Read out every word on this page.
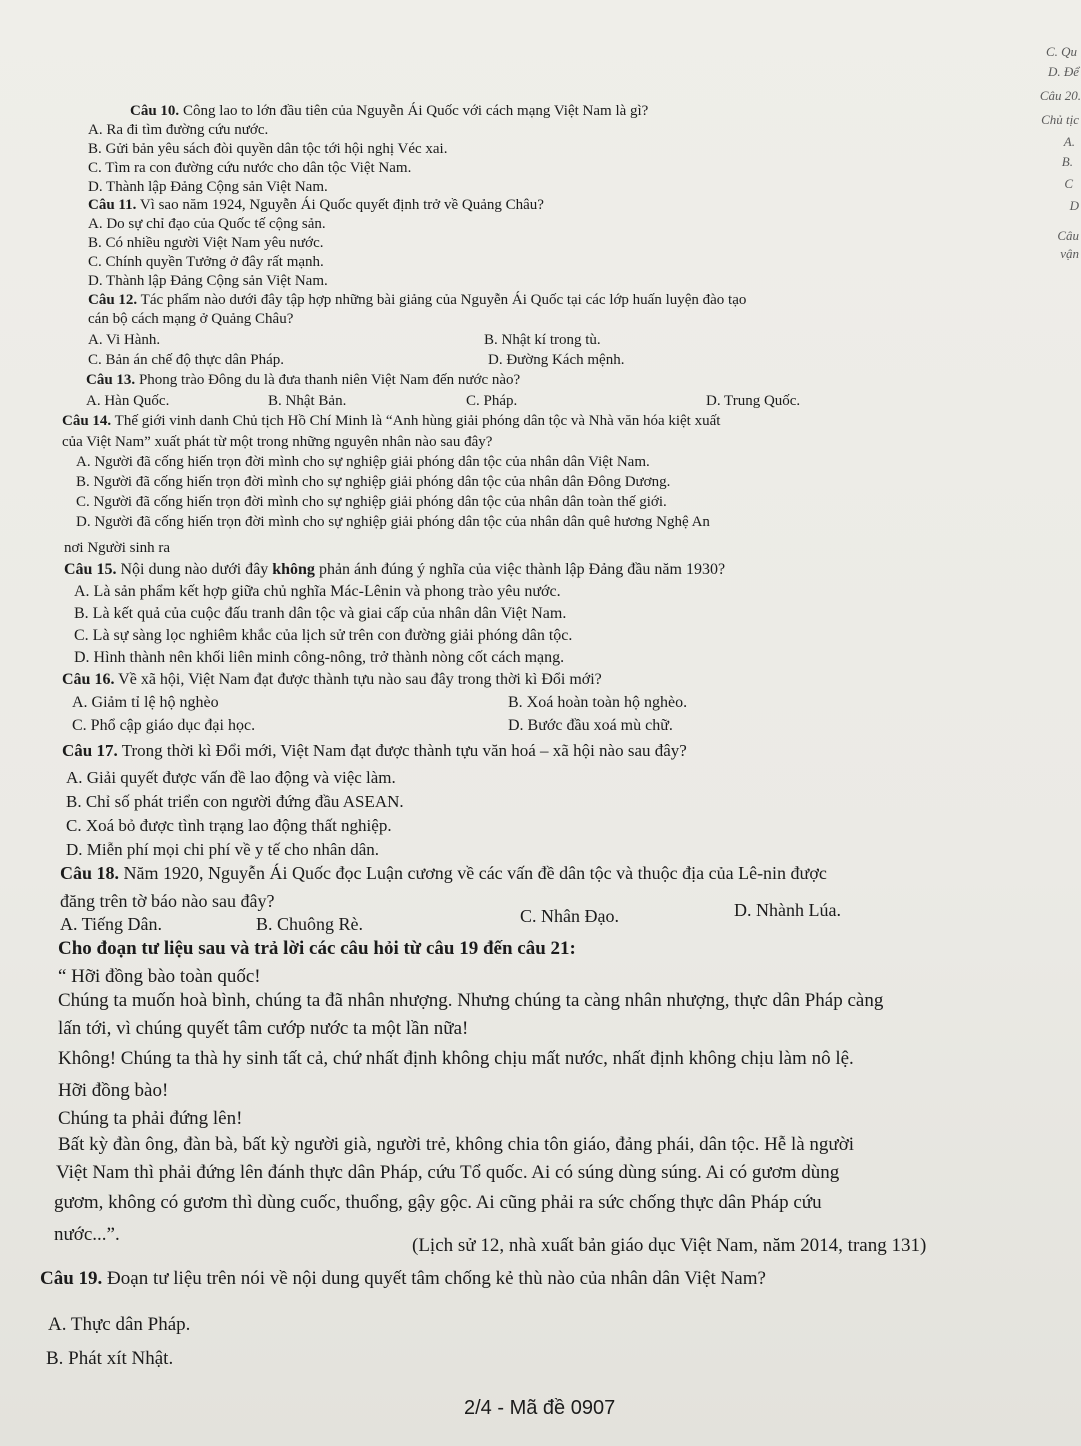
C. Qu
D. Để
Câu 20.
Chủ tịc
A.
B.
C
D
Câu
vận
Câu 10. Công lao to lớn đầu tiên của Nguyễn Ái Quốc với cách mạng Việt Nam là gì?
A. Ra đi tìm đường cứu nước.
B. Gửi bản yêu sách đòi quyền dân tộc tới hội nghị Véc xai.
C. Tìm ra con đường cứu nước cho dân tộc Việt Nam.
D. Thành lập Đảng Cộng sản Việt Nam.
Câu 11. Vì sao năm 1924, Nguyễn Ái Quốc quyết định trở về Quảng Châu?
A. Do sự chỉ đạo của Quốc tế cộng sản.
B. Có nhiều người Việt Nam yêu nước.
C. Chính quyền Tưởng ở đây rất mạnh.
D. Thành lập Đảng Cộng sản Việt Nam.
Câu 12. Tác phẩm nào dưới đây tập hợp những bài giảng của Nguyễn Ái Quốc tại các lớp huấn luyện đào tạo
cán bộ cách mạng ở Quảng Châu?
A. Vi Hành.	B. Nhật kí trong tù.
C. Bản án chế độ thực dân Pháp.	D. Đường Kách mệnh.
Câu 13. Phong trào Đông du là đưa thanh niên Việt Nam đến nước nào?
A. Hàn Quốc.	B. Nhật Bản.	C. Pháp.	D. Trung Quốc.
Câu 14. Thế giới vinh danh Chủ tịch Hồ Chí Minh là “Anh hùng giải phóng dân tộc và Nhà văn hóa kiệt xuất
của Việt Nam” xuất phát từ một trong những nguyên nhân nào sau đây?
A. Người đã cống hiến trọn đời mình cho sự nghiệp giải phóng dân tộc của nhân dân Việt Nam.
B. Người đã cống hiến trọn đời mình cho sự nghiệp giải phóng dân tộc của nhân dân Đông Dương.
C. Người đã cống hiến trọn đời mình cho sự nghiệp giải phóng dân tộc của nhân dân toàn thế giới.
D. Người đã cống hiến trọn đời mình cho sự nghiệp giải phóng dân tộc của nhân dân quê hương Nghệ An
nơi Người sinh ra
Câu 15. Nội dung nào dưới đây không phản ánh đúng ý nghĩa của việc thành lập Đảng đầu năm 1930?
A. Là sản phẩm kết hợp giữa chủ nghĩa Mác-Lênin và phong trào yêu nước.
B. Là kết quả của cuộc đấu tranh dân tộc và giai cấp của nhân dân Việt Nam.
C. Là sự sàng lọc nghiêm khắc của lịch sử trên con đường giải phóng dân tộc.
D. Hình thành nên khối liên minh công-nông, trở thành nòng cốt cách mạng.
Câu 16. Về xã hội, Việt Nam đạt được thành tựu nào sau đây trong thời kì Đổi mới?
A. Giảm tỉ lệ hộ nghèo	B. Xoá hoàn toàn hộ nghèo.
C. Phổ cập giáo dục đại học.	D. Bước đầu xoá mù chữ.
Câu 17. Trong thời kì Đổi mới, Việt Nam đạt được thành tựu văn hoá – xã hội nào sau đây?
A. Giải quyết được vấn đề lao động và việc làm.
B. Chỉ số phát triển con người đứng đầu ASEAN.
C. Xoá bỏ được tình trạng lao động thất nghiệp.
D. Miễn phí mọi chi phí về y tế cho nhân dân.
Câu 18. Năm 1920, Nguyễn Ái Quốc đọc Luận cương về các vấn đề dân tộc và thuộc địa của Lê-nin được
đăng trên tờ báo nào sau đây?
A. Tiếng Dân.	B. Chuông Rè.	C. Nhân Đạo.	D. Nhành Lúa.
Cho đoạn tư liệu sau và trả lời các câu hỏi từ câu 19 đến câu 21:
“ Hỡi đồng bào toàn quốc!
Chúng ta muốn hoà bình, chúng ta đã nhân nhượng. Nhưng chúng ta càng nhân nhượng, thực dân Pháp càng
lấn tới, vì chúng quyết tâm cướp nước ta một lần nữa!
Không! Chúng ta thà hy sinh tất cả, chứ nhất định không chịu mất nước, nhất định không chịu làm nô lệ.
Hỡi đồng bào!
Chúng ta phải đứng lên!
Bất kỳ đàn ông, đàn bà, bất kỳ người già, người trẻ, không chia tôn giáo, đảng phái, dân tộc. Hễ là người
Việt Nam thì phải đứng lên đánh thực dân Pháp, cứu Tổ quốc. Ai có súng dùng súng. Ai có gươm dùng
gươm, không có gươm thì dùng cuốc, thuổng, gậy gộc. Ai cũng phải ra sức chống thực dân Pháp cứu
nước...”.
(Lịch sử 12, nhà xuất bản giáo dục Việt Nam, năm 2014, trang 131)
Câu 19. Đoạn tư liệu trên nói về nội dung quyết tâm chống kẻ thù nào của nhân dân Việt Nam?
A. Thực dân Pháp.
B. Phát xít Nhật.
2/4 - Mã đề 0907
